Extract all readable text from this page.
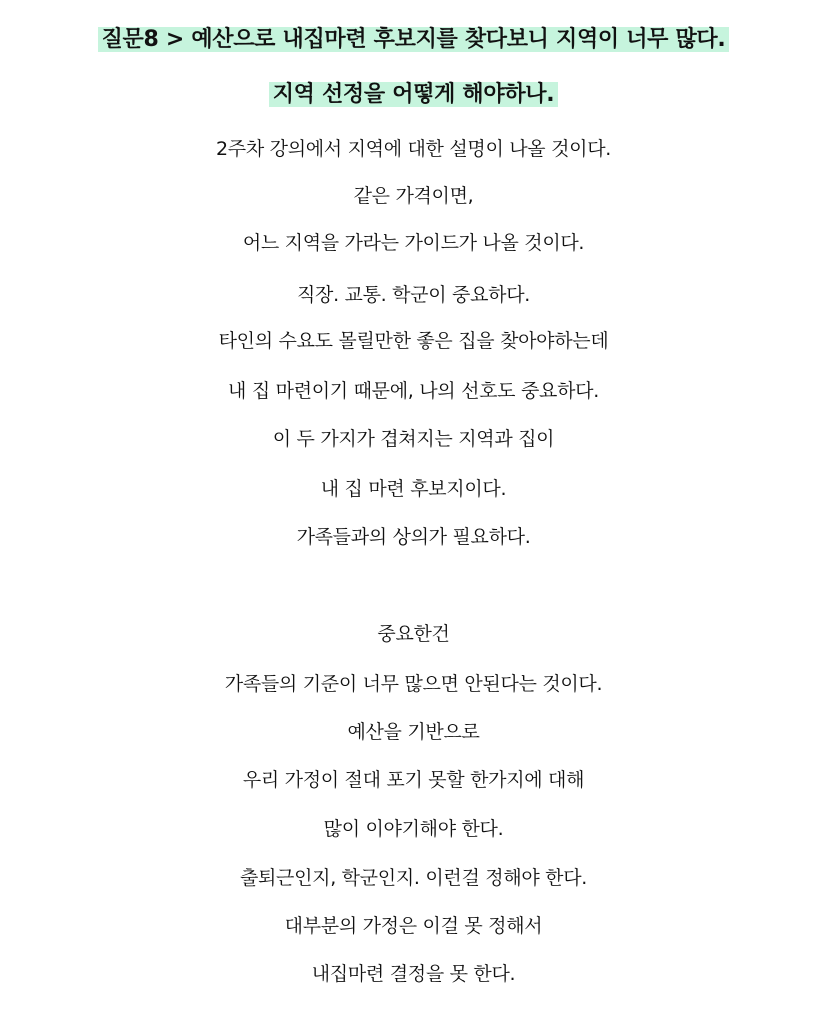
질문8 > 예산으로 내집마련 후보지를 찾다보니 지역이 너무 많다.
지역 선정을 어떻게 해야하나.
2주차 강의에서 지역에 대한 설명이 나올 것이다.
같은 가격이면,
어느 지역을 가라는 가이드가 나올 것이다.
직장. 교통. 학군이 중요하다.
타인의 수요도 몰릴만한 좋은 집을 찾아야하는데
내 집 마련이기 때문에, 나의 선호도 중요하다.
이 두 가지가 겹쳐지는 지역과 집이
내 집 마련 후보지이다.
가족들과의 상의가 필요하다.
중요한건
가족들의 기준이 너무 많으면 안된다는 것이다.
예산을 기반으로
우리 가정이 절대 포기 못할 한가지에 대해
많이 이야기해야 한다.
출퇴근인지, 학군인지. 이런걸 정해야 한다.
대부분의 가정은 이걸 못 정해서
내집마련 결정을 못 한다.
